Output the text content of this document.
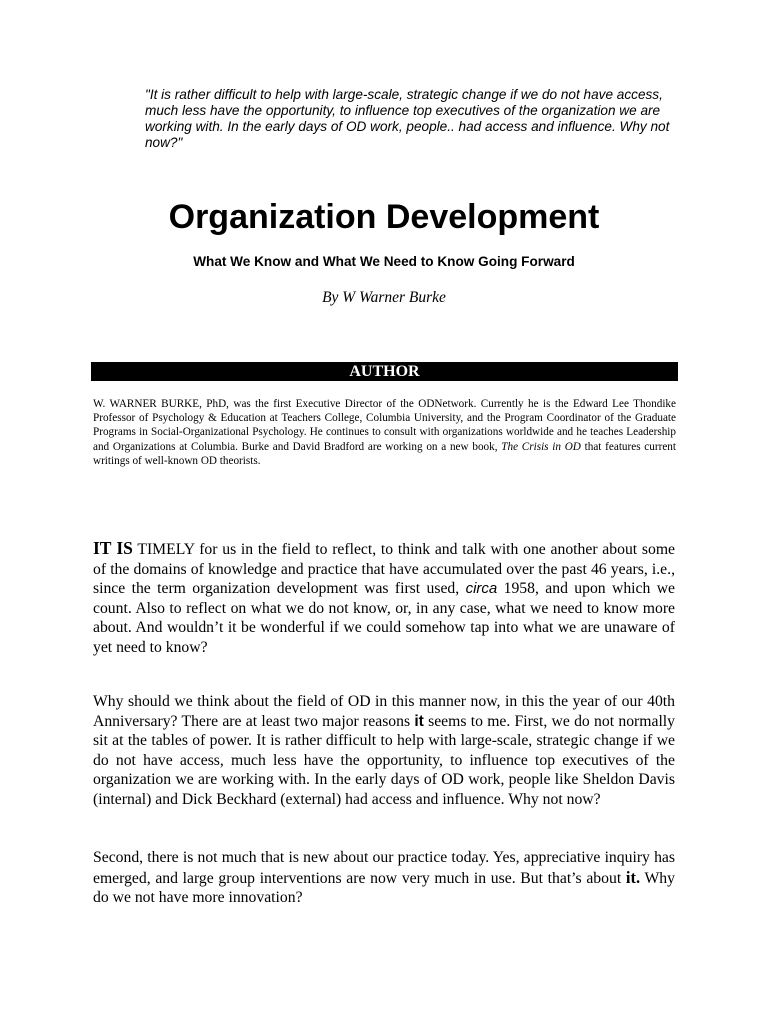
"It is rather difficult to help with large-scale, strategic change if we do not have access, much less have the opportunity, to influence top executives of the organization we are working with. In the early days of OD work, people.. had access and influence. Why not now?"
Organization Development
What We Know and What We Need to Know Going Forward
By W Warner Burke
AUTHOR
W. WARNER BURKE, PhD, was the first Executive Director of the ODNetwork. Currently he is the Edward Lee Thondike Professor of Psychology & Education at Teachers College, Columbia University, and the Program Coordinator of the Graduate Programs in Social-Organizational Psychology. He continues to consult with organizations worldwide and he teaches Leadership and Organizations at Columbia. Burke and David Bradford are working on a new book, The Crisis in OD that features current writings of well-known OD theorists.
IT IS TIMELY for us in the field to reflect, to think and talk with one another about some of the domains of knowledge and practice that have accumulated over the past 46 years, i.e., since the term organization development was first used, circa 1958, and upon which we count. Also to reflect on what we do not know, or, in any case, what we need to know more about. And wouldn’t it be wonderful if we could somehow tap into what we are unaware of yet need to know?
Why should we think about the field of OD in this manner now, in this the year of our 40th Anniversary? There are at least two major reasons it seems to me. First, we do not normally sit at the tables of power. It is rather difficult to help with large-scale, strategic change if we do not have access, much less have the opportunity, to influence top executives of the organization we are working with. In the early days of OD work, people like Sheldon Davis (internal) and Dick Beckhard (external) had access and influence. Why not now?
Second, there is not much that is new about our practice today. Yes, appreciative inquiry has emerged, and large group interventions are now very much in use. But that’s about it. Why do we not have more innovation?
